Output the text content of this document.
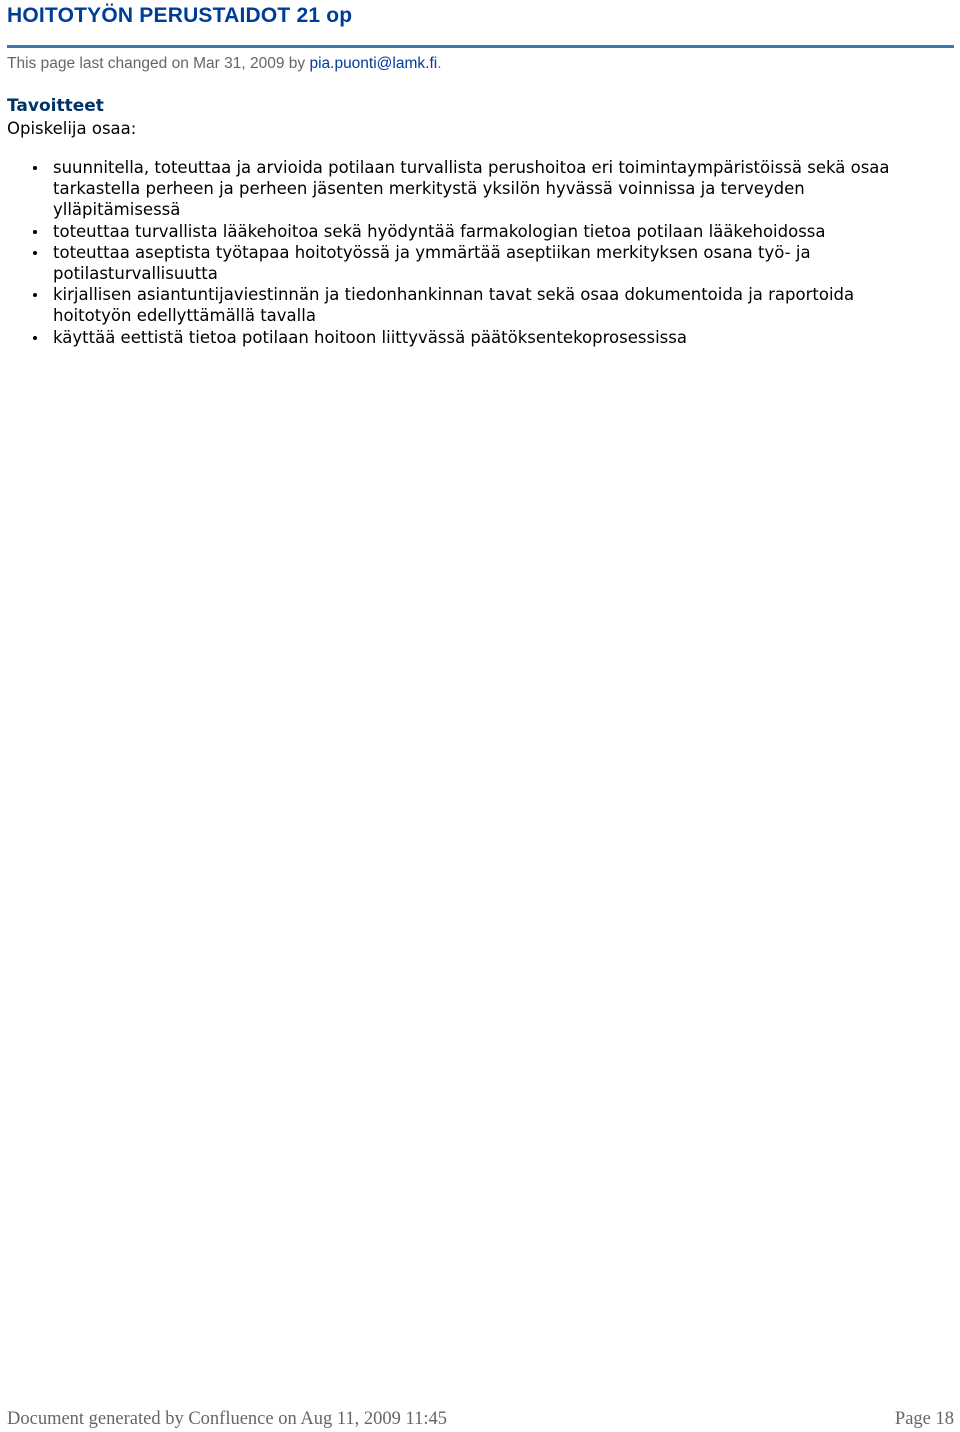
HOITOTYÖN PERUSTAIDOT 21 op
This page last changed on Mar 31, 2009 by pia.puonti@lamk.fi.
Tavoitteet

Opiskelija osaa:

suunnitella, toteuttaa ja arvioida potilaan turvallista perushoitoa eri toimintaympäristöissä sekä osaa tarkastella perheen ja perheen jäsenten merkitystä yksilön hyvässä voinnissa ja terveyden ylläpitämisessä
toteuttaa turvallista lääkehoitoa sekä hyödyntää farmakologian tietoa potilaan lääkehoidossa
toteuttaa aseptista työtapaa hoitotyössä ja ymmärtää aseptiikan merkityksen osana työ- ja potilasturvallisuutta
kirjallisen asiantuntijaviestinnän ja tiedonhankinnan tavat sekä osaa dokumentoida ja raportoida hoitotyön edellyttämällä tavalla
käyttää eettistä tietoa potilaan hoitoon liittyvässä päätöksentekoprosessissa
Document generated by Confluence on Aug 11, 2009 11:45	Page 18
